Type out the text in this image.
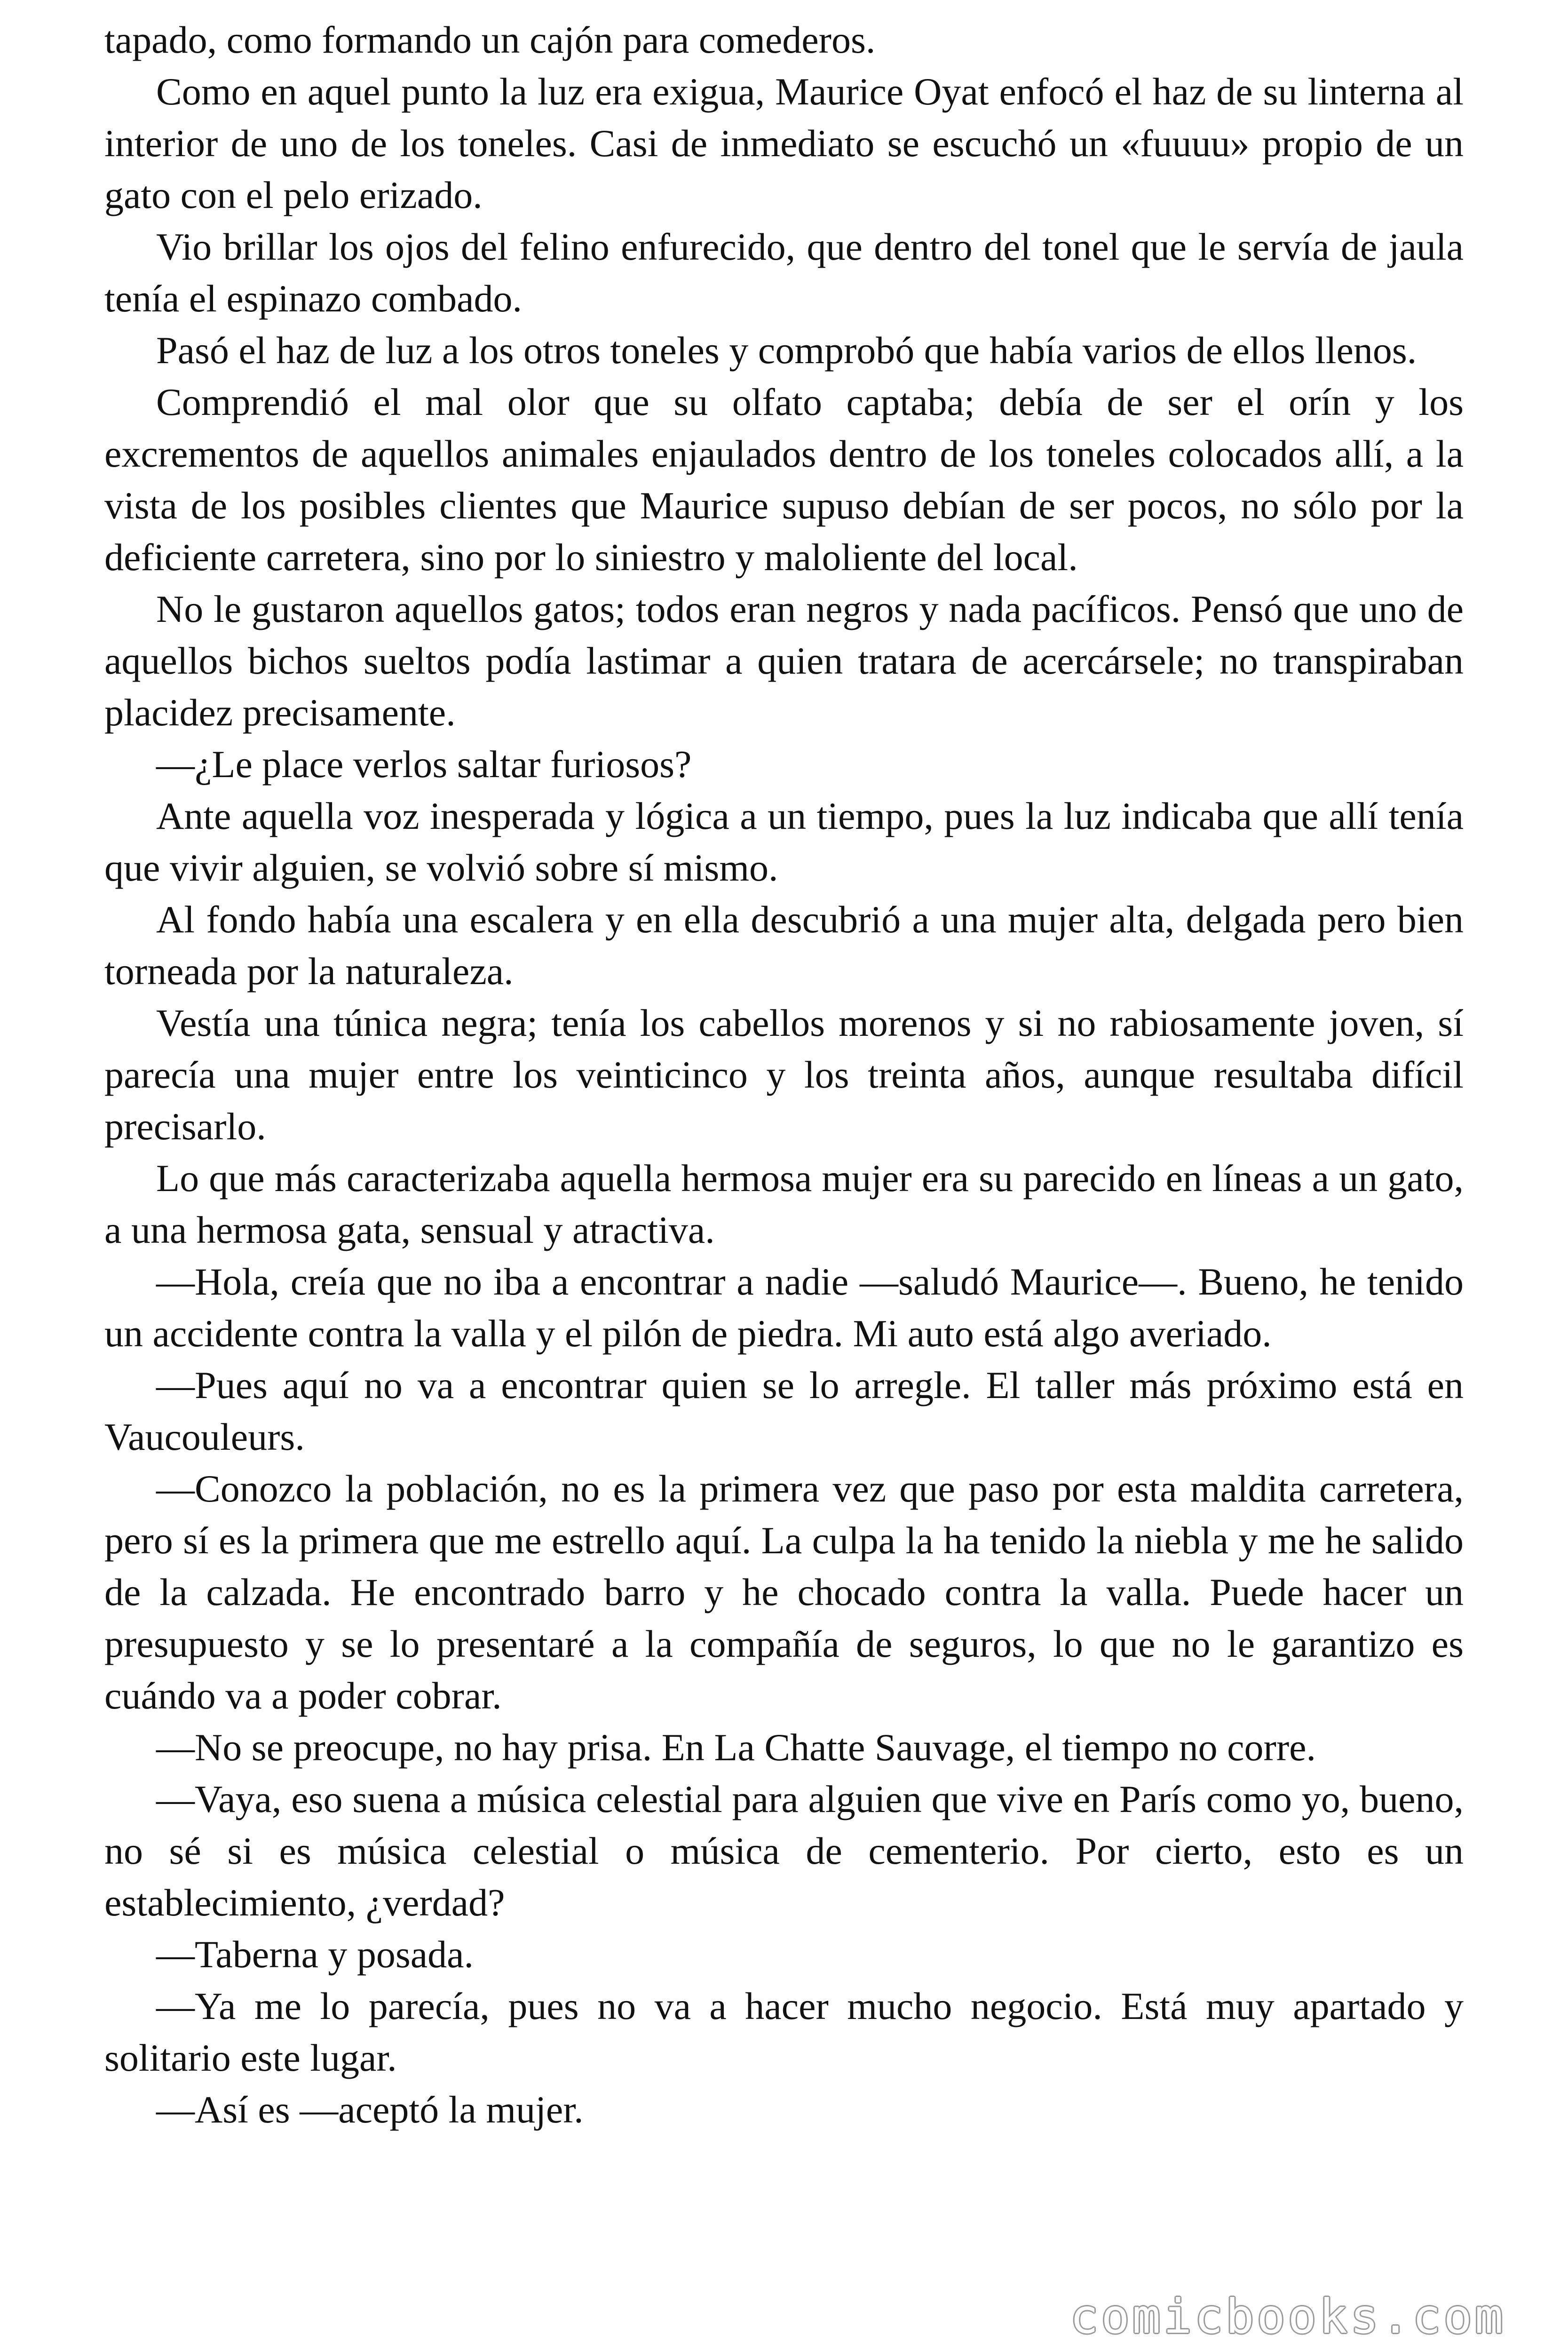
tapado, como formando un cajón para comederos.

Como en aquel punto la luz era exigua, Maurice Oyat enfocó el haz de su linterna al interior de uno de los toneles. Casi de inmediato se escuchó un «fuuuu» propio de un gato con el pelo erizado.

Vio brillar los ojos del felino enfurecido, que dentro del tonel que le servía de jaula tenía el espinazo combado.

Pasó el haz de luz a los otros toneles y comprobó que había varios de ellos llenos.

Comprendió el mal olor que su olfato captaba; debía de ser el orín y los excrementos de aquellos animales enjaulados dentro de los toneles colocados allí, a la vista de los posibles clientes que Maurice supuso debían de ser pocos, no sólo por la deficiente carretera, sino por lo siniestro y maloliente del local.

No le gustaron aquellos gatos; todos eran negros y nada pacíficos. Pensó que uno de aquellos bichos sueltos podía lastimar a quien tratara de acercársele; no transpiraban placidez precisamente.

—¿Le place verlos saltar furiosos?

Ante aquella voz inesperada y lógica a un tiempo, pues la luz indicaba que allí tenía que vivir alguien, se volvió sobre sí mismo.

Al fondo había una escalera y en ella descubrió a una mujer alta, delgada pero bien torneada por la naturaleza.

Vestía una túnica negra; tenía los cabellos morenos y si no rabiosamente joven, sí parecía una mujer entre los veinticinco y los treinta años, aunque resultaba difícil precisarlo.

Lo que más caracterizaba aquella hermosa mujer era su parecido en líneas a un gato, a una hermosa gata, sensual y atractiva.

—Hola, creía que no iba a encontrar a nadie —saludó Maurice—. Bueno, he tenido un accidente contra la valla y el pilón de piedra. Mi auto está algo averiado.

—Pues aquí no va a encontrar quien se lo arregle. El taller más próximo está en Vaucouleurs.

—Conozco la población, no es la primera vez que paso por esta maldita carretera, pero sí es la primera que me estrello aquí. La culpa la ha tenido la niebla y me he salido de la calzada. He encontrado barro y he chocado contra la valla. Puede hacer un presupuesto y se lo presentaré a la compañía de seguros, lo que no le garantizo es cuándo va a poder cobrar.

—No se preocupe, no hay prisa. En La Chatte Sauvage, el tiempo no corre.

—Vaya, eso suena a música celestial para alguien que vive en París como yo, bueno, no sé si es música celestial o música de cementerio. Por cierto, esto es un establecimiento, ¿verdad?

—Taberna y posada.

—Ya me lo parecía, pues no va a hacer mucho negocio. Está muy apartado y solitario este lugar.

—Así es —aceptó la mujer.

comicbooks.com
